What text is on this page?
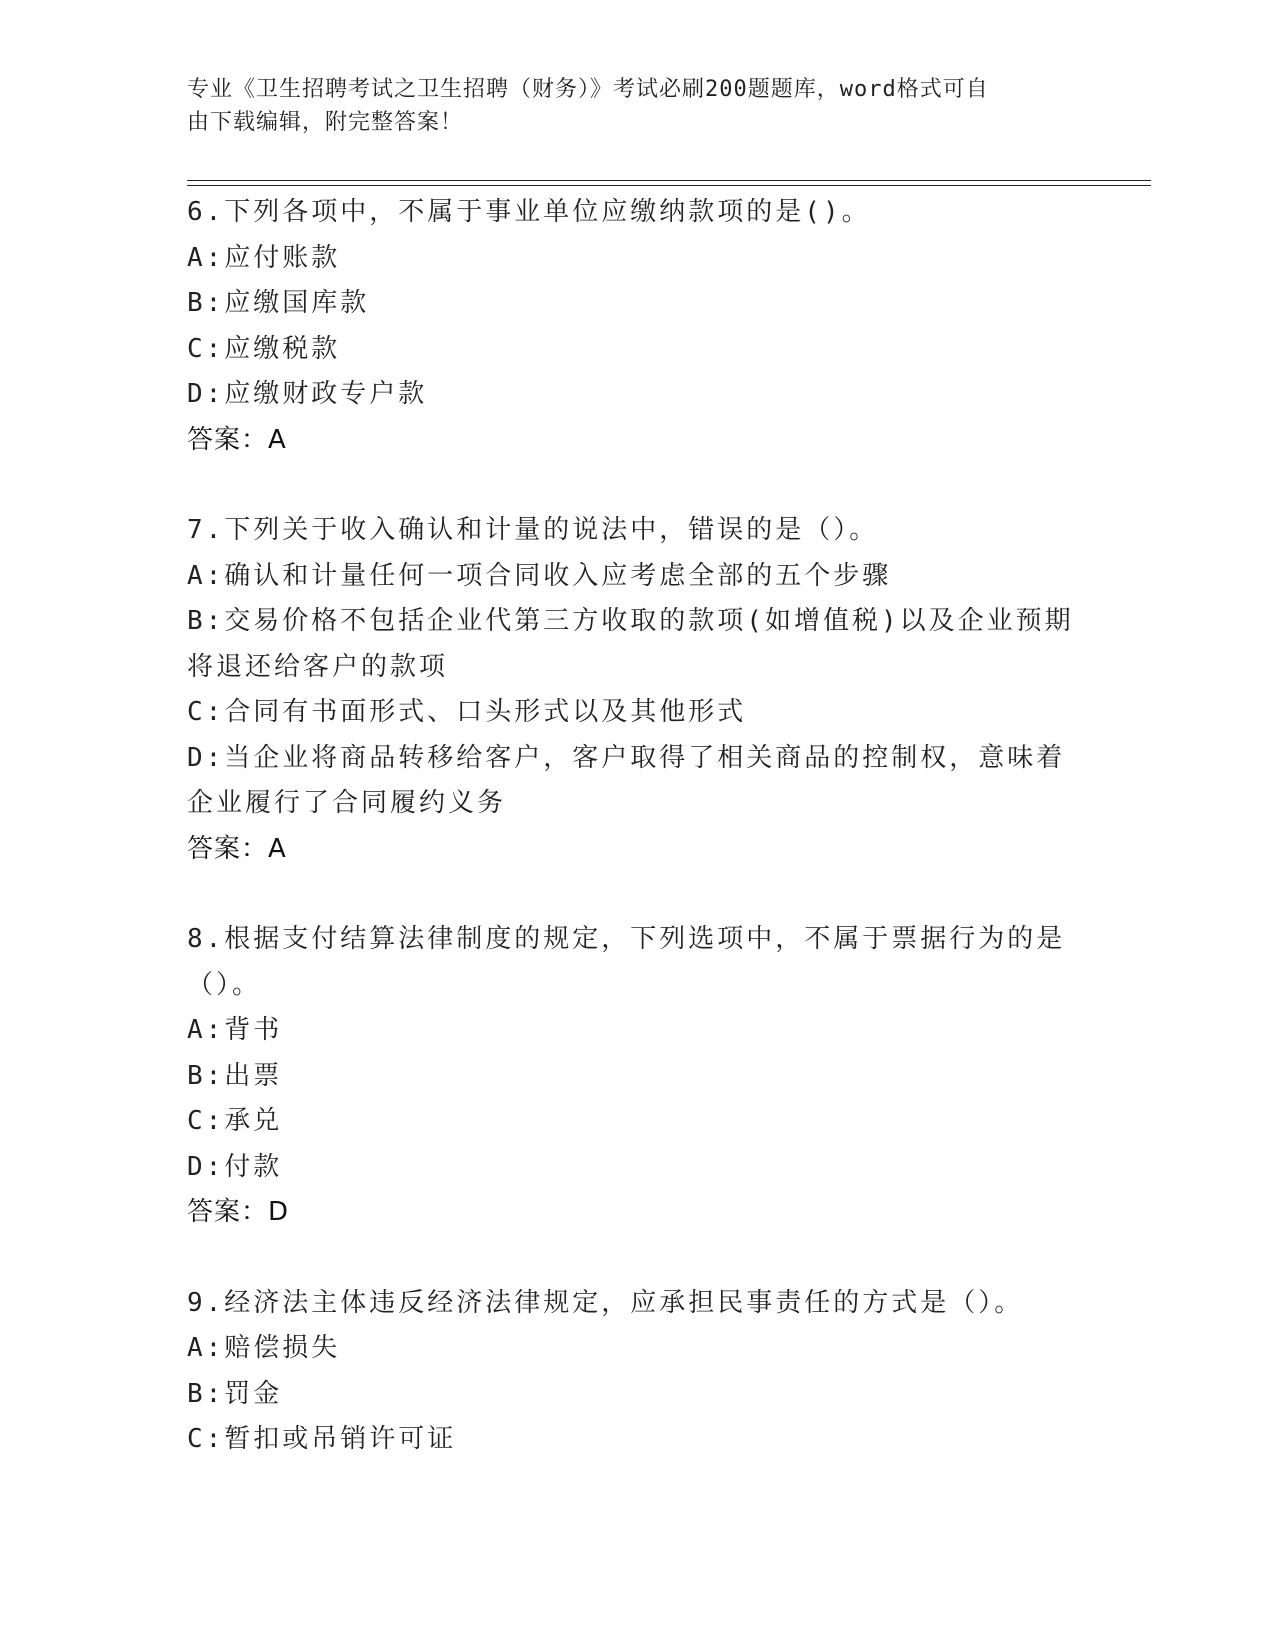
专业《卫生招聘考试之卫生招聘（财务）》考试必刷200题题库，word格式可自
由下载编辑，附完整答案！
6.下列各项中，不属于事业单位应缴纳款项的是()。
A:应付账款
B:应缴国库款
C:应缴税款
D:应缴财政专户款
答案：A
7.下列关于收入确认和计量的说法中，错误的是（）。
A:确认和计量任何一项合同收入应考虑全部的五个步骤
B:交易价格不包括企业代第三方收取的款项(如增值税)以及企业预期
将退还给客户的款项
C:合同有书面形式、口头形式以及其他形式
D:当企业将商品转移给客户，客户取得了相关商品的控制权，意味着
企业履行了合同履约义务
答案：A
8.根据支付结算法律制度的规定，下列选项中，不属于票据行为的是
（）。
A:背书
B:出票
C:承兑
D:付款
答案：D
9.经济法主体违反经济法律规定，应承担民事责任的方式是（）。
A:赔偿损失
B:罚金
C:暂扣或吊销许可证
